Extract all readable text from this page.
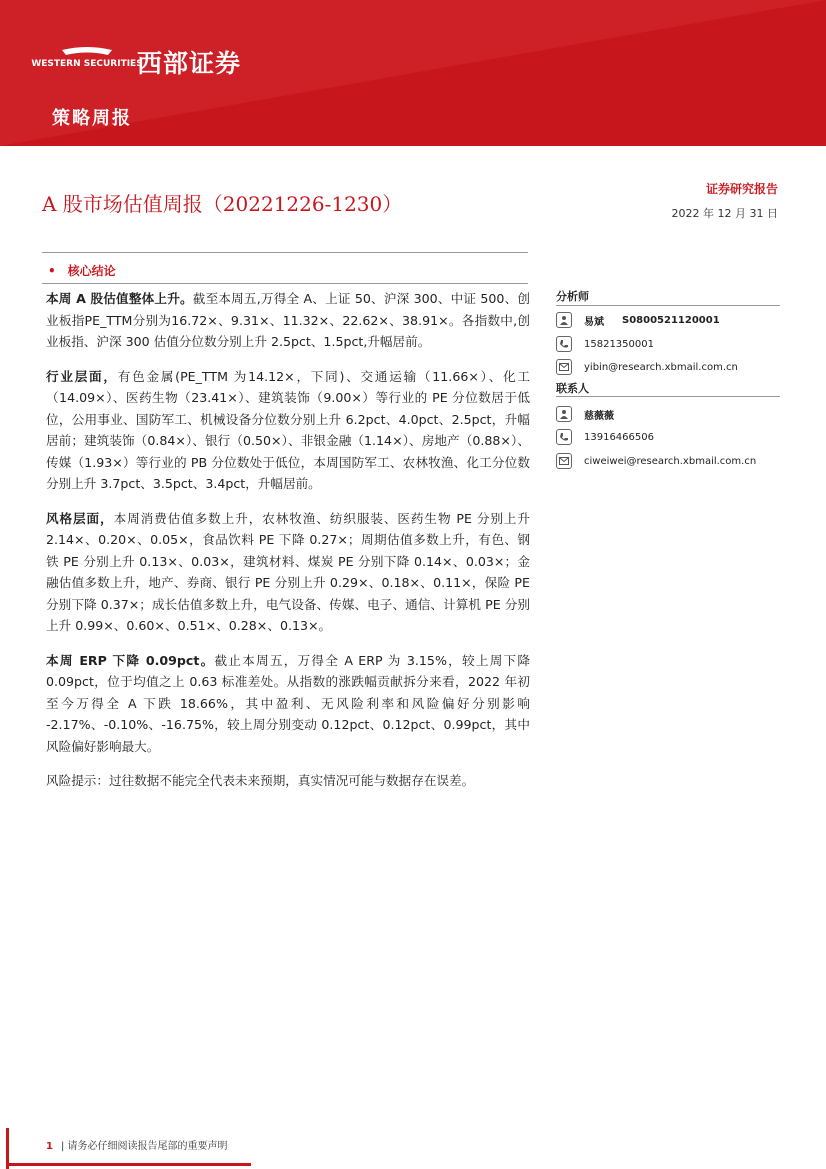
WESTERN SECURITIES
西部证券
策略周报
A 股市场估值周报（20221226-1230）
证券研究报告
2022 年 12 月 31 日
• 核心结论

本周 A 股估值整体上升。截至本周五,万得全 A、上证 50、沪深 300、中证 500、创业板指PE_TTM分别为16.72×、9.31×、11.32×、22.62×、38.91×。各指数中,创业板指、沪深 300 估值分位数分别上升 2.5pct、1.5pct,升幅居前。

行业层面，有色金属(PE_TTM 为14.12×，下同)、交通运输（11.66×）、化工（14.09×）、医药生物（23.41×）、建筑装饰（9.00×）等行业的 PE 分位数居于低位，公用事业、国防军工、机械设备分位数分别上升 6.2pct、4.0pct、2.5pct，升幅居前；建筑装饰（0.84×）、银行（0.50×）、非银金融（1.14×）、房地产（0.88×）、传媒（1.93×）等行业的 PB 分位数处于低位，本周国防军工、农林牧渔、化工分位数分别上升 3.7pct、3.5pct、3.4pct，升幅居前。

风格层面，本周消费估值多数上升，农林牧渔、纺织服装、医药生物 PE 分别上升 2.14×、0.20×、0.05×，食品饮料 PE 下降 0.27×；周期估值多数上升，有色、钢铁 PE 分别上升 0.13×、0.03×，建筑材料、煤炭 PE 分别下降 0.14×、0.03×；金融估值多数上升，地产、券商、银行 PE 分别上升 0.29×、0.18×、0.11×，保险 PE 分别下降 0.37×；成长估值多数上升，电气设备、传媒、电子、通信、计算机 PE 分别上升 0.99×、0.60×、0.51×、0.28×、0.13×。

本周 ERP 下降 0.09pct。截止本周五，万得全 A ERP 为 3.15%，较上周下降 0.09pct，位于均值之上 0.63 标准差处。从指数的涨跌幅贡献拆分来看，2022 年初至今万得全 A 下跌 18.66%，其中盈利、无风险利率和风险偏好分别影响 -2.17%、-0.10%、-16.75%，较上周分别变动 0.12pct、0.12pct、0.99pct，其中风险偏好影响最大。

风险提示：过往数据不能完全代表未来预期，真实情况可能与数据存在误差。

分析师
易斌 S0800521120001
15821350001
yibin@research.xbmail.com.cn
联系人
慈薇薇
13916466506
ciweiwei@research.xbmail.com.cn
1 | 请务必仔细阅读报告尾部的重要声明
